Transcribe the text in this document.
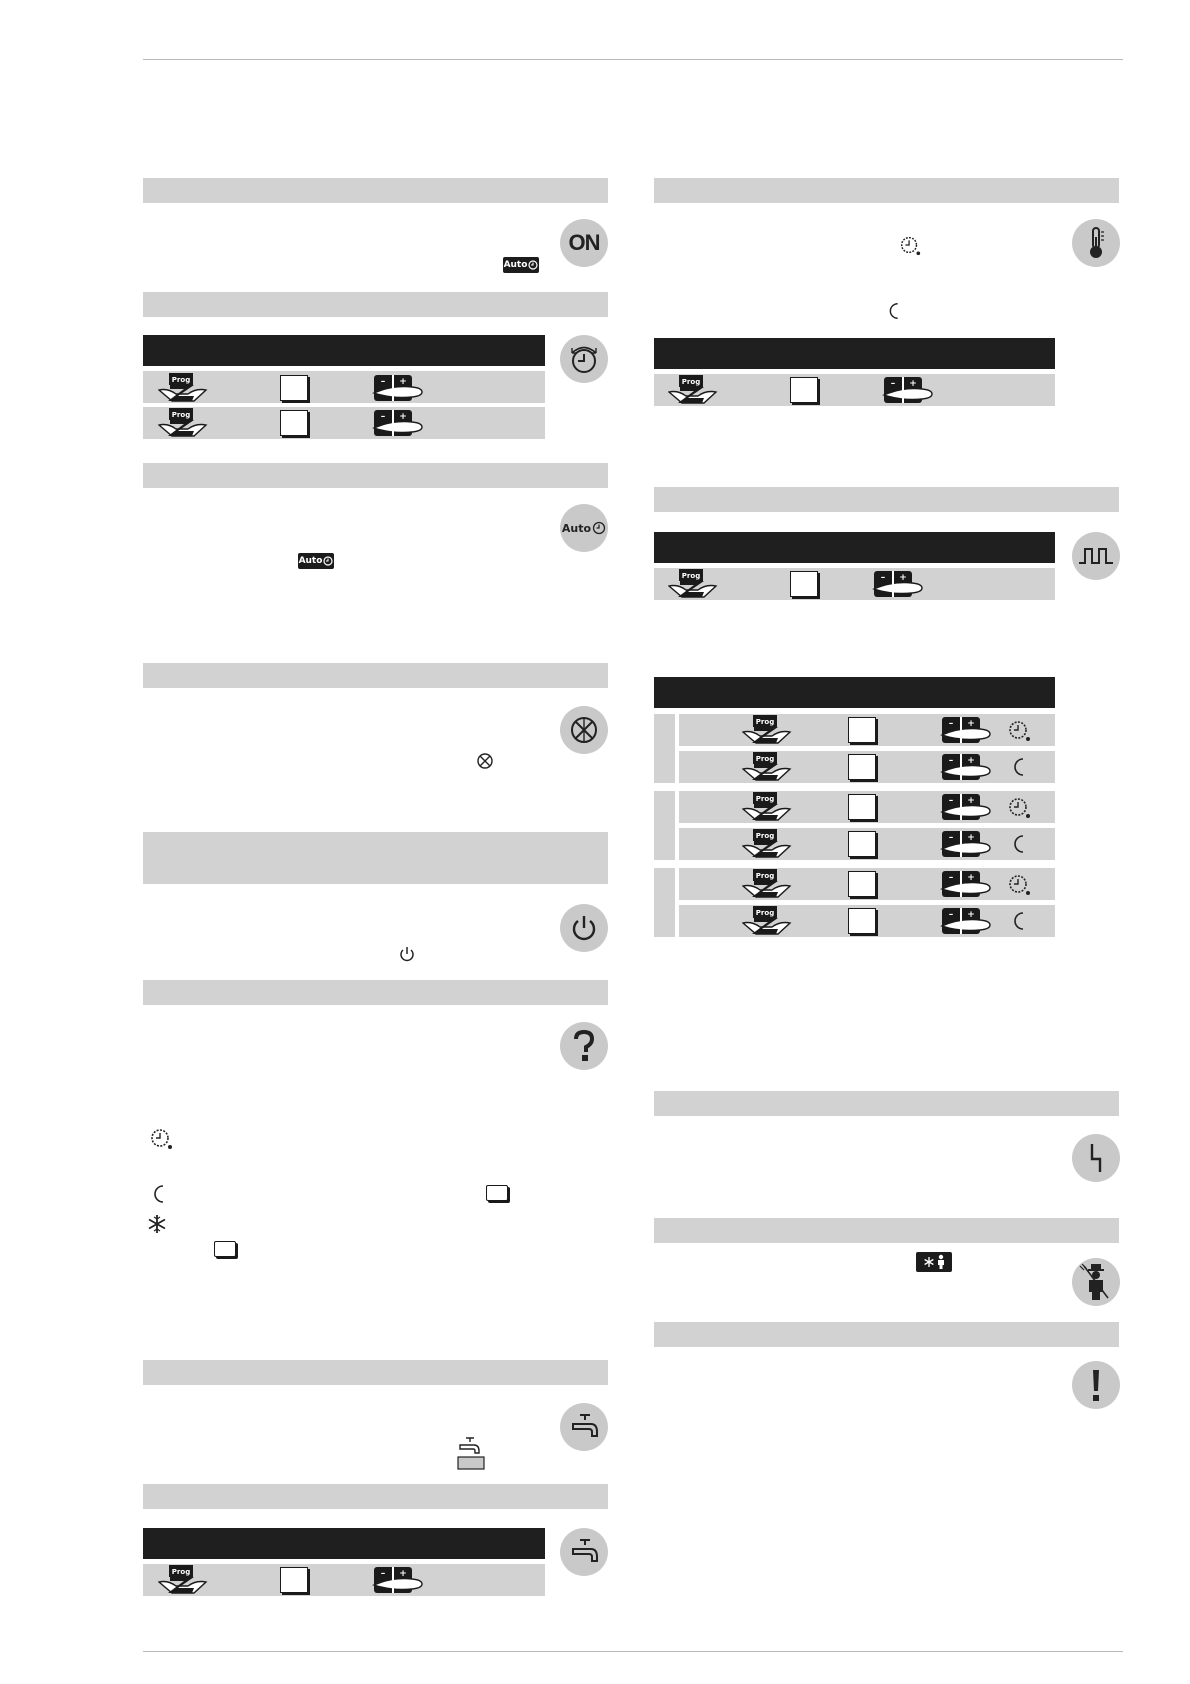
ON
Auto
Auto
Auto
Prog	– +
Prog	– +
Prog	– +
Prog	– +
Prog	– +
Prog	– +
Prog	– +
Prog	– +
Prog	– +
Prog	– +
Prog	– +
